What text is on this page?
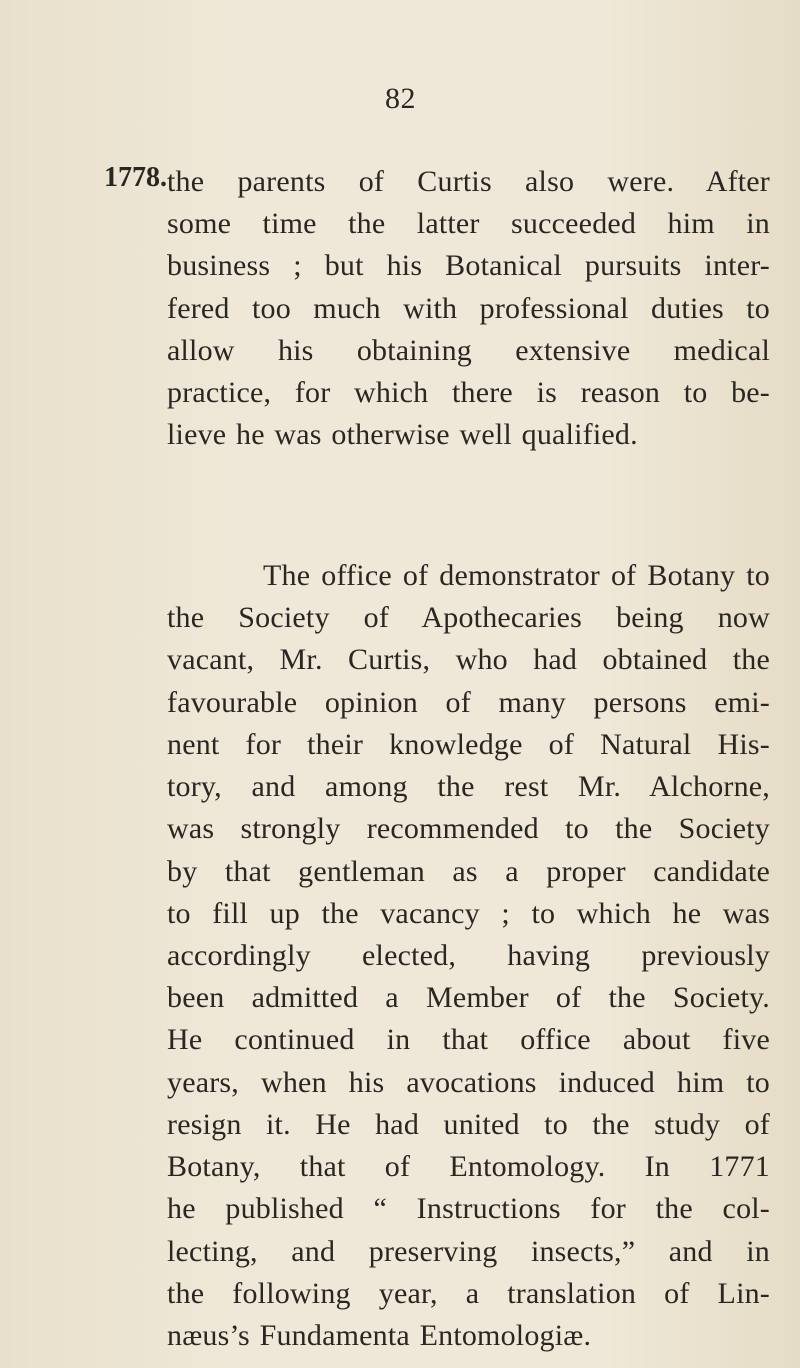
82
1778. the parents of Curtis also were. After
some time the latter succeeded him in
business ; but his Botanical pursuits inter-
fered too much with professional duties to
allow his obtaining extensive medical
practice, for which there is reason to be-
lieve he was otherwise well qualified.
The office of demonstrator of Botany to
the Society of Apothecaries being now
vacant, Mr. Curtis, who had obtained the
favourable opinion of many persons emi-
nent for their knowledge of Natural His-
tory, and among the rest Mr. Alchorne,
was strongly recommended to the Society
by that gentleman as a proper candidate
to fill up the vacancy ; to which he was
accordingly elected, having previously
been admitted a Member of the Society.
He continued in that office about five
years, when his avocations induced him to
resign it. He had united to the study of
Botany, that of Entomology. In 1771
he published “ Instructions for the col-
lecting, and preserving insects,” and in
the following year, a translation of Lin-
næus’s Fundamenta Entomologiæ.
